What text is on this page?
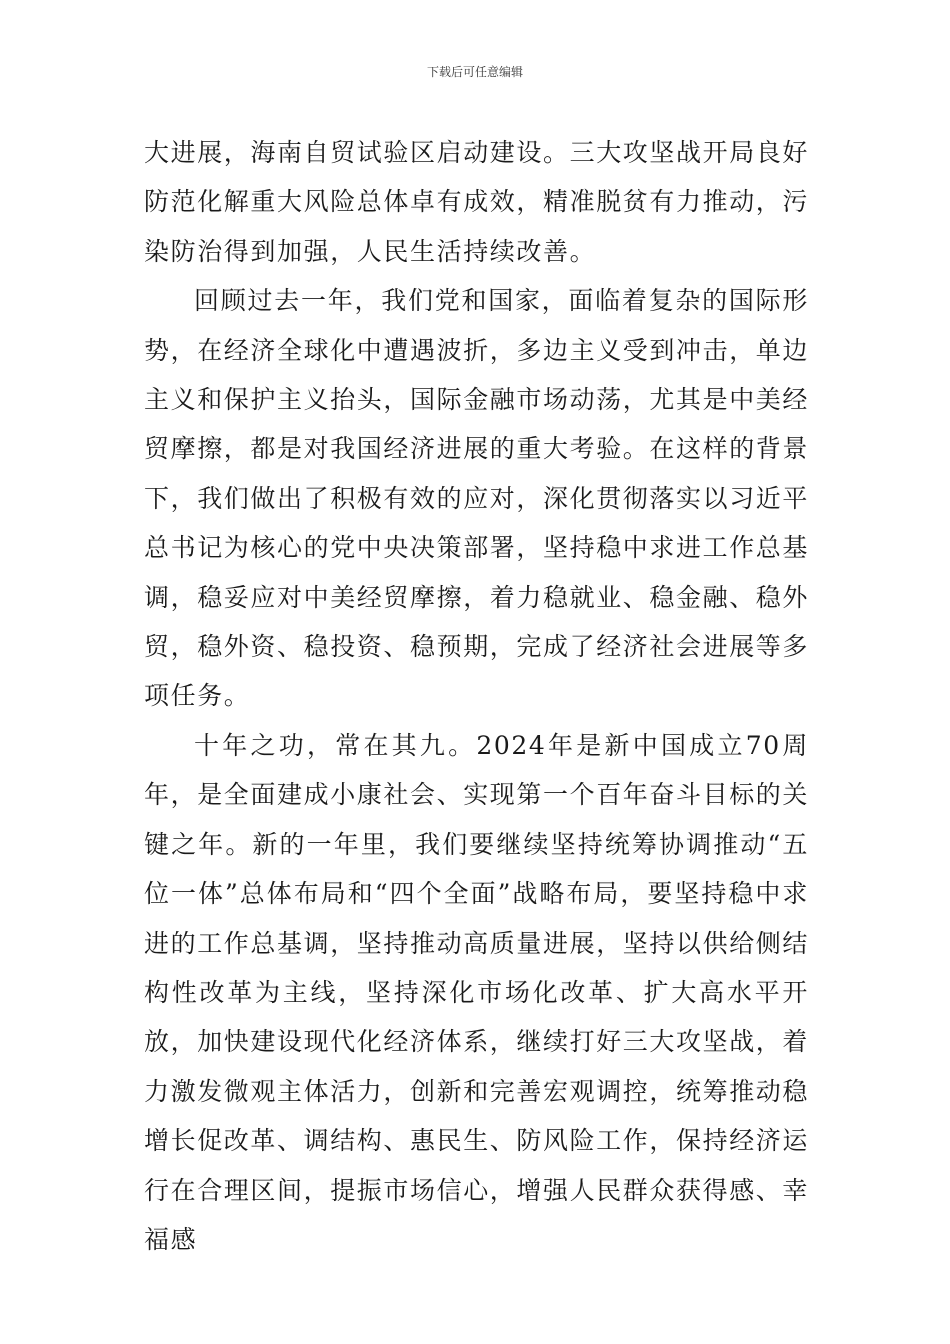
下载后可任意编辑

大进展，海南自贸试验区启动建设。三大攻坚战开局良好防范化解重大风险总体卓有成效，精准脱贫有力推动，污染防治得到加强，人民生活持续改善。

回顾过去一年，我们党和国家，面临着复杂的国际形势，在经济全球化中遭遇波折，多边主义受到冲击，单边主义和保护主义抬头，国际金融市场动荡，尤其是中美经贸摩擦，都是对我国经济进展的重大考验。在这样的背景下，我们做出了积极有效的应对，深化贯彻落实以习近平总书记为核心的党中央决策部署，坚持稳中求进工作总基调，稳妥应对中美经贸摩擦，着力稳就业、稳金融、稳外贸，稳外资、稳投资、稳预期，完成了经济社会进展等多项任务。

十年之功，常在其九。2024年是新中国成立70周年，是全面建成小康社会、实现第一个百年奋斗目标的关键之年。新的一年里，我们要继续坚持统筹协调推动“五位一体”总体布局和“四个全面”战略布局，要坚持稳中求进的工作总基调，坚持推动高质量进展，坚持以供给侧结构性改革为主线，坚持深化市场化改革、扩大高水平开放，加快建设现代化经济体系，继续打好三大攻坚战，着力激发微观主体活力，创新和完善宏观调控，统筹推动稳增长促改革、调结构、惠民生、防风险工作，保持经济运行在合理区间，提振市场信心，增强人民群众获得感、幸福感
